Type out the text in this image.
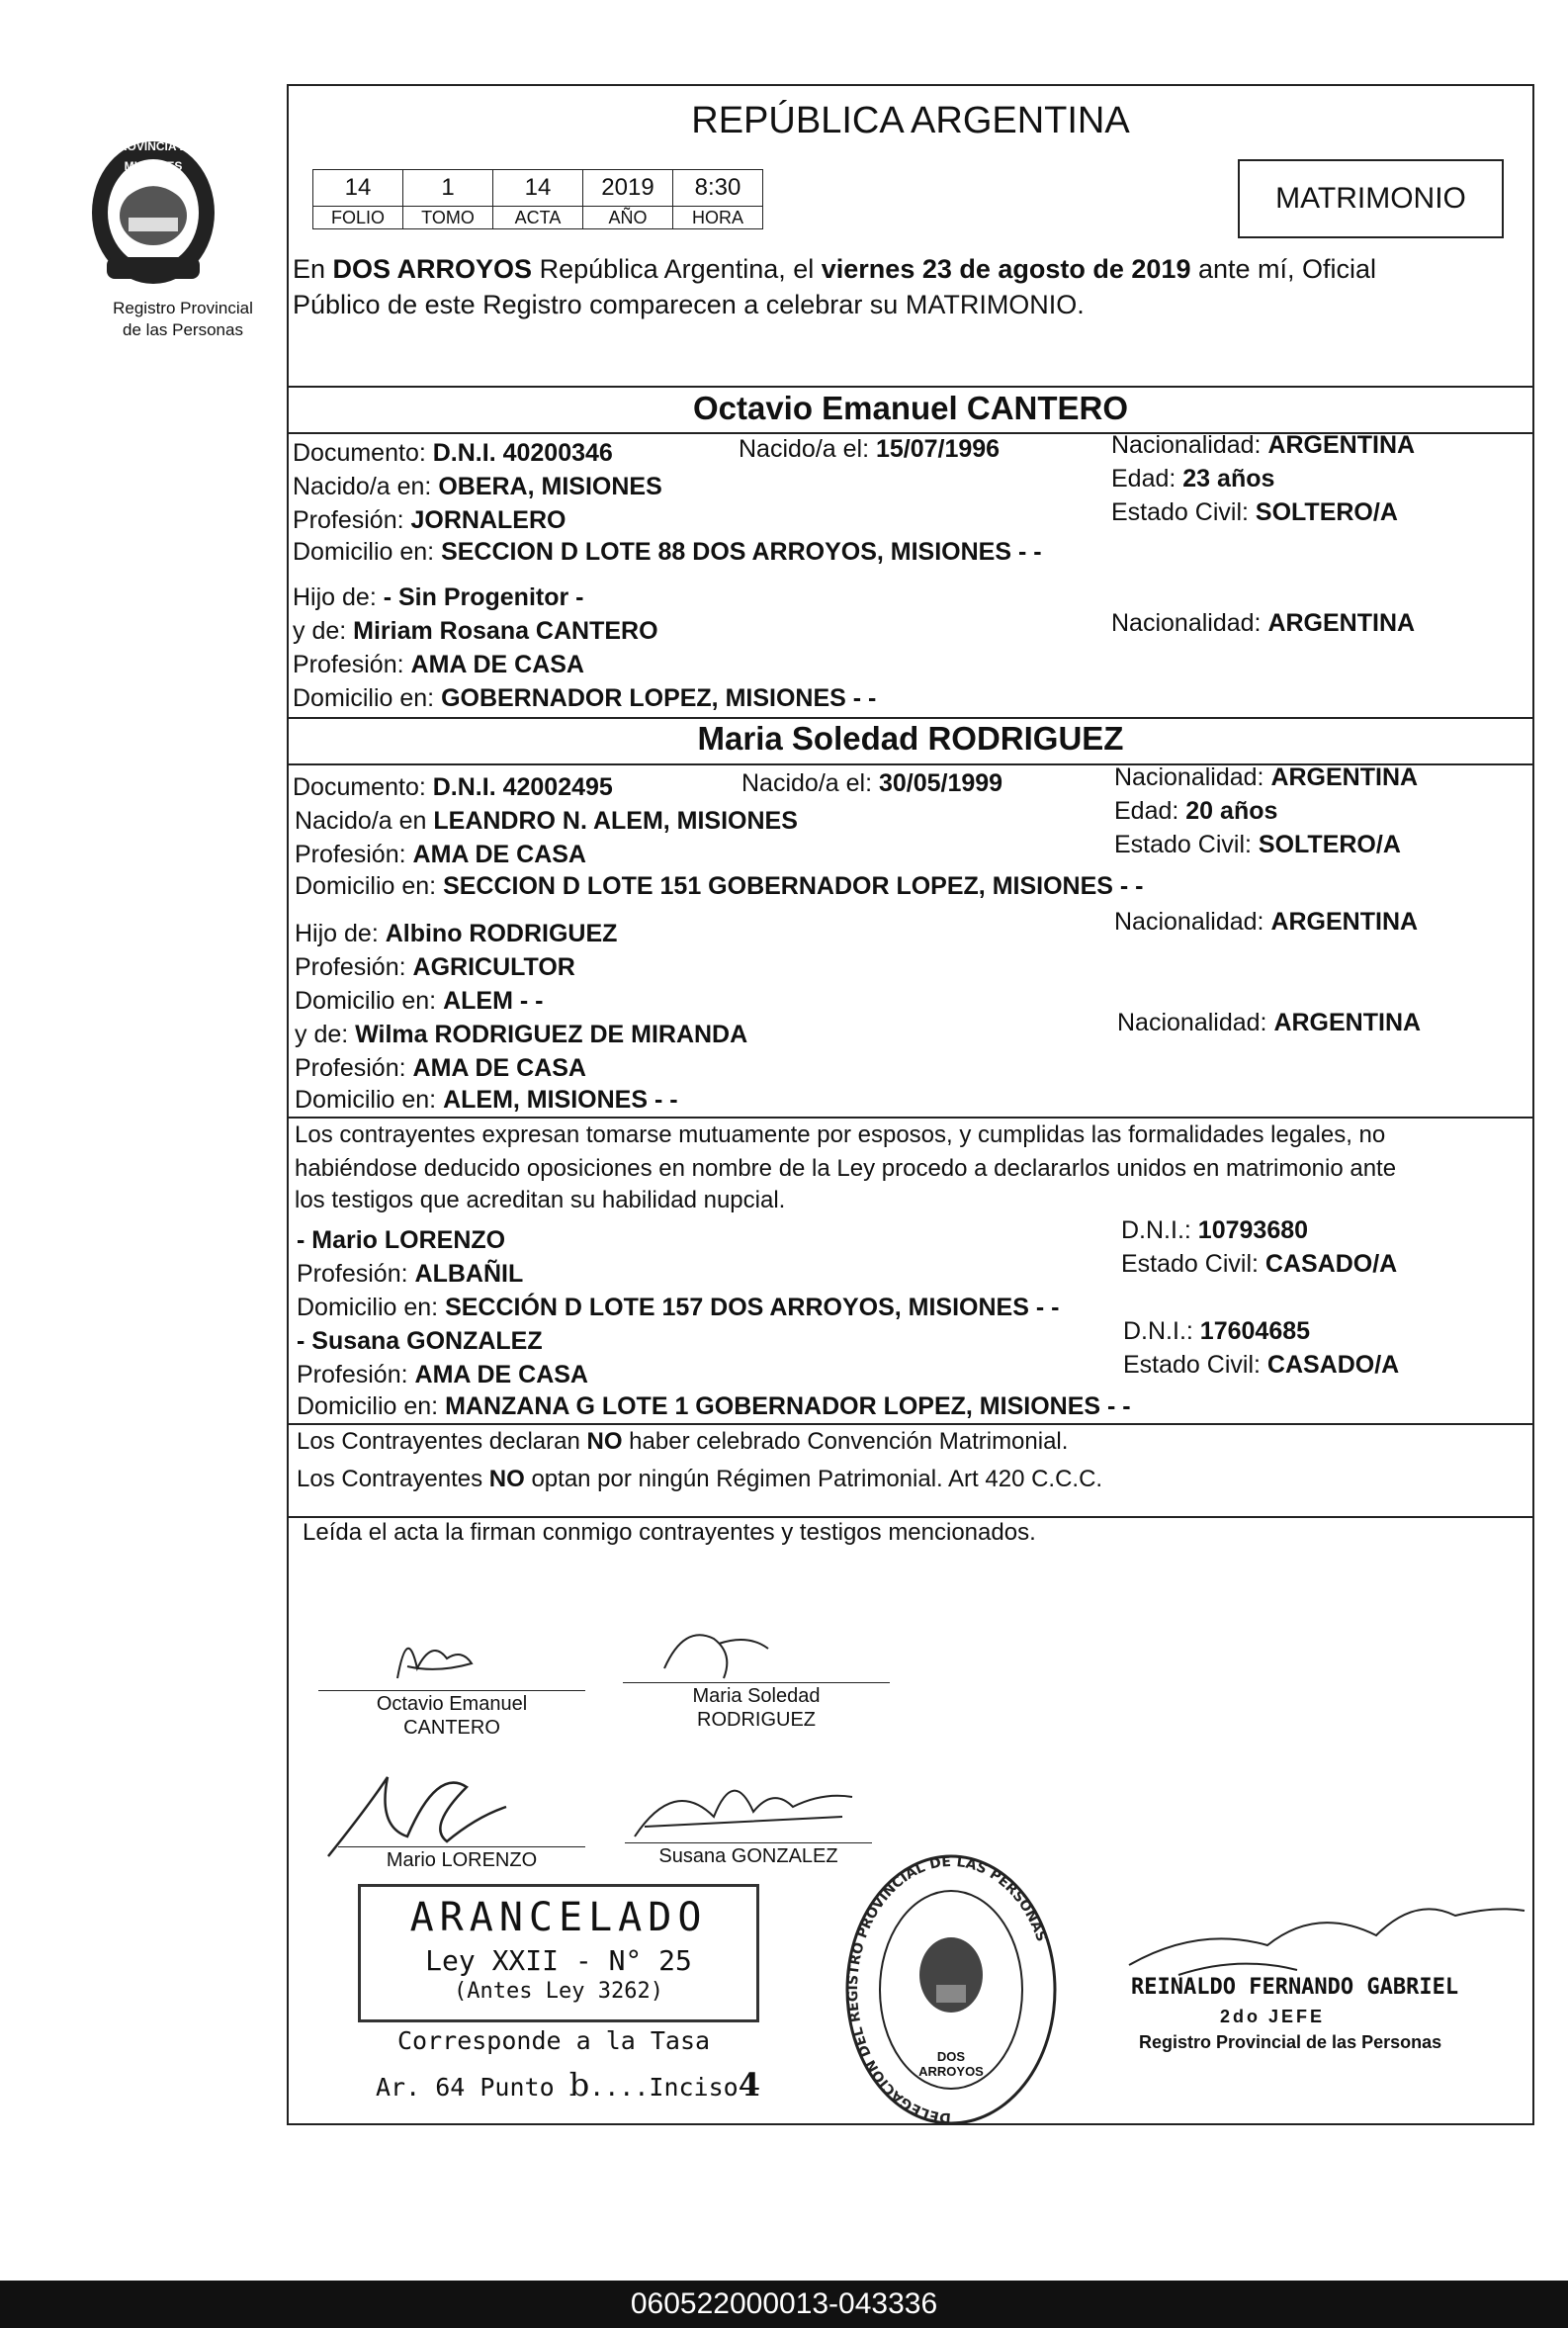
PROVINCIA DE MISIONES
Registro Provincial
de las Personas
REPÚBLICA ARGENTINA
14	1	14	2019	8:30
FOLIO	TOMO	ACTA	AÑO	HORA
MATRIMONIO
En DOS ARROYOS República Argentina, el viernes 23 de agosto de 2019 ante mí, Oficial
Público de este Registro comparecen a celebrar su MATRIMONIO.
Octavio Emanuel CANTERO
Documento: D.N.I. 40200346	Nacido/a el: 15/07/1996	Nacionalidad: ARGENTINA
Nacido/a en: OBERA, MISIONES	Edad: 23 años
Profesión: JORNALERO	Estado Civil: SOLTERO/A
Domicilio en: SECCION D LOTE 88 DOS ARROYOS, MISIONES - -
Hijo de: - Sin Progenitor -
y de: Miriam Rosana CANTERO	Nacionalidad: ARGENTINA
Profesión: AMA DE CASA
Domicilio en: GOBERNADOR LOPEZ, MISIONES - -
Maria Soledad RODRIGUEZ
Documento: D.N.I. 42002495	Nacido/a el: 30/05/1999	Nacionalidad: ARGENTINA
Nacido/a en LEANDRO N. ALEM, MISIONES	Edad: 20 años
Profesión: AMA DE CASA	Estado Civil: SOLTERO/A
Domicilio en: SECCION D LOTE 151 GOBERNADOR LOPEZ, MISIONES - -
Hijo de: Albino RODRIGUEZ	Nacionalidad: ARGENTINA
Profesión: AGRICULTOR
Domicilio en: ALEM - -
y de: Wilma RODRIGUEZ DE MIRANDA	Nacionalidad: ARGENTINA
Profesión: AMA DE CASA
Domicilio en: ALEM, MISIONES - -
Los contrayentes expresan tomarse mutuamente por esposos, y cumplidas las formalidades legales, no
habiéndose deducido oposiciones en nombre de la Ley procedo a declararlos unidos en matrimonio ante
los testigos que acreditan su habilidad nupcial.
- Mario LORENZO	D.N.I.: 10793680
Profesión: ALBAÑIL	Estado Civil: CASADO/A
Domicilio en: SECCIÓN D LOTE 157 DOS ARROYOS, MISIONES - -
- Susana GONZALEZ	D.N.I.: 17604685
Profesión: AMA DE CASA	Estado Civil: CASADO/A
Domicilio en: MANZANA G LOTE 1 GOBERNADOR LOPEZ, MISIONES - -
Los Contrayentes declaran NO haber celebrado Convención Matrimonial.
Los Contrayentes NO optan por ningún Régimen Patrimonial. Art 420 C.C.C.
Leída el acta la firman conmigo contrayentes y testigos mencionados.
Octavio Emanuel
CANTERO
Maria Soledad
RODRIGUEZ
Mario LORENZO	Susana GONZALEZ
ARANCELADO
Ley XXII - N° 25
(Antes Ley 3262)
Corresponde a la Tasa
Ar. 64 Punto b....Inciso4
DELEGACION DEL REGISTRO PROVINCIAL DE LAS PERSONAS
DOS ARROYOS
REINALDO FERNANDO GABRIEL
2do JEFE
Registro Provincial de las Personas
060522000013-043336
